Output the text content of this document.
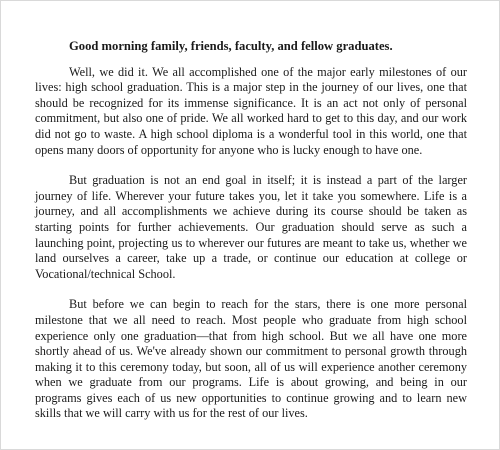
Good morning family, friends, faculty, and fellow graduates.

Well, we did it. We all accomplished one of the major early milestones of our lives: high school graduation. This is a major step in the journey of our lives, one that should be recognized for its immense significance. It is an act not only of personal commitment, but also one of pride. We all worked hard to get to this day, and our work did not go to waste. A high school diploma is a wonderful tool in this world, one that opens many doors of opportunity for anyone who is lucky enough to have one.

But graduation is not an end goal in itself; it is instead a part of the larger journey of life. Wherever your future takes you, let it take you somewhere. Life is a journey, and all accomplishments we achieve during its course should be taken as starting points for further achievements. Our graduation should serve as such a launching point, projecting us to wherever our futures are meant to take us, whether we land ourselves a career, take up a trade, or continue our education at college or Vocational/technical School.

But before we can begin to reach for the stars, there is one more personal milestone that we all need to reach. Most people who graduate from high school experience only one graduation—that from high school. But we all have one more shortly ahead of us. We've already shown our commitment to personal growth through making it to this ceremony today, but soon, all of us will experience another ceremony when we graduate from our programs. Life is about growing, and being in our programs gives each of us new opportunities to continue growing and to learn new skills that we will carry with us for the rest of our lives.
